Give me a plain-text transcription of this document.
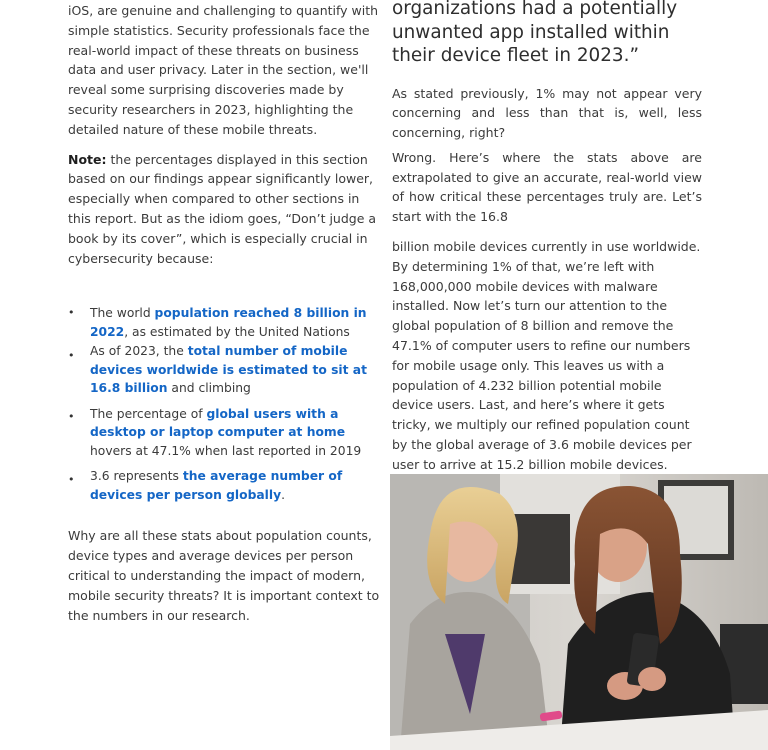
iOS, are genuine and challenging to quantify with simple statistics. Security professionals face the real-world impact of these threats on business data and user privacy. Later in the section, we'll reveal some surprising discoveries made by security researchers in 2023, highlighting the detailed nature of these mobile threats.

Note: the percentages displayed in this section based on our findings appear significantly lower, especially when compared to other sections in this report. But as the idiom goes, “Don’t judge a book by its cover”, which is especially crucial in cybersecurity because:

• The world population reached 8 billion in 2022, as estimated by the United Nations
• As of 2023, the total number of mobile devices worldwide is estimated to sit at 16.8 billion and climbing
• The percentage of global users with a desktop or laptop computer at home hovers at 47.1% when last reported in 2019
• 3.6 represents the average number of devices per person globally.

Why are all these stats about population counts, device types and average devices per person critical to understanding the impact of modern, mobile security threats? It is important context to the numbers in our research.

organizations had a potentially unwanted app installed within their device fleet in 2023.”

As stated previously, 1% may not appear very concerning and less than that is, well, less concerning, right?

Wrong. Here’s where the stats above are extrapolated to give an accurate, real-world view of how critical these percentages truly are. Let’s start with the 16.8

billion mobile devices currently in use worldwide. By determining 1% of that, we’re left with 168,000,000 mobile devices with malware installed. Now let’s turn our attention to the global population of 8 billion and remove the 47.1% of computer users to refine our numbers for mobile usage only. This leaves us with a population of 4.232 billion potential mobile device users. Last, and here’s where it gets tricky, we multiply our refined population count by the global average of 3.6 mobile devices per user to arrive at 15.2 billion mobile devices.
